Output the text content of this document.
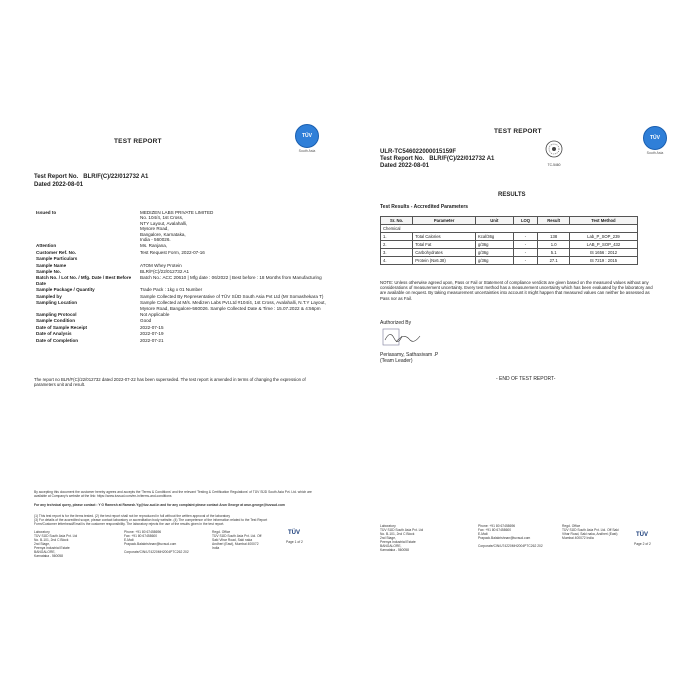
TEST REPORT
TÜV
South Asia
Test Report No. BLR/F(C)/22/012732 A1
Dated 2022-08-01
Issued to	MEDIZEN LABS PRIVATE LIMITED
No. 104/4, 1st Cross,
NTY Layout, Avalahalli,
Mysore Road,
Bangalore, Karnataka,
India - 560026.
Attention	Ms. Ranjana,
Customer Ref. No.	Test Request Form, 2022-07-16
Sample Particulars
Sample Name	ATOM Whey Protein
Sample No.	BLR/F(C)/22/012732 A1
Batch No. / Lot No. / Mfg. Date / Best Before Date
Batch No.: ACC 20610 | Mfg date : 06/2022 | Best before : 18 Months from Manufacturing
Sample Package / Quantity	Trade Pack : 1kg x 01 Number
Sampled by	Sample Collected By Representative of TÜV SÜD South Asia Pvt Ltd (Mr Somashekara T)
Sampling Location	Sample Collected at M/s. Medizen Labs Pvt.Ltd #104/4, 1st Cross, Avalahalli, N.T.Y Layout, Mysore Road, Bangalore-560026. Sample Collected Date & Time : 15.07.2022 & 4:56pm
Sampling Protocol	Not Applicable
Sample Condition	Good
Date of Sample Receipt	2022-07-15
Date of Analysis	2022-07-19
Date of Completion	2022-07-21
The report no BLR/F(C)/22/012732 dated 2022-07-22 has been superseded. The test report is amended in terms of changing the expression of parameters unit and result.
By accepting this document the customer hereby agrees and accepts the 'Terms & Conditions' and the relevant 'Testing & Certification Regulations' of TÜV SÜD South Asia Pvt. Ltd. which are available at Company's website at the link: https://www.tuvsud.com/en-in/terms-and-conditions
For any technical query, please contact : Y G Ramesh at Ramesh.Yg@tuv-sud.in and for any complaint please contact Arun George at arun.george@tuvsud.com
(1) This test report is for the items tested. (2) the test report shall not be reproduced in full without the written approval of the laboratory
(3) For details of the accredited scope, please contact laboratory or accreditation body website. (4) The competence of the information related to the Test Report
Form/Customer letterhead/Email is the customer responsibility. The laboratory rejects the use of the results given in the test report.
Laboratory
TÜV SÜD South Asia Pvt. Ltd
No. B-101, 2nd C Block
2nd Stage,
Peenya Industrial Estate
BANGALORE,
Karnataka - 560058
Phone: +91 80 67458696
Fax: +91 80 67458600
E-Mail:
Prapack.Balakrishnan@tuvsud.com
Regd. Office
TÜV SÜD South Asia Pvt. Ltd. Off
Saki Vihar Road, Saki naka
Andheri (East), Mumbai 400072
India
Corporate/CIN/U74220MH2004PTC262 202
TÜV
Page 1 of 2
TEST REPORT
TÜV
South Asia
ULR-TC546022000015159F
Test Report No. BLR/F(C)/22/012732 A1
Dated 2022-08-01	TC-5460
RESULTS
Test Results - Accredited Parameters
Sr. No.	Parameter	Unit	LOQ	Result	Test Method
Chemical					
1.	Total Calories	Kcal/36g	-	138	Lab_P_SOP_239
2.	Total Fat	g/36g	-	1.0	LAB_P_SOP_432
3.	Carbohydrates	g/36g	-	5.1	IS 1656 : 2012
4.	Protein (Nx6.38)	g/36g	-	27.1	IS 7219 : 2015
NOTE: Unless otherwise agreed upon, Pass or Fail or Statement of compliance verdicts are given based on the measured values without any considerations of measurement uncertainty. Every test method has a measurement uncertainty which has been evaluated by the laboratory and are available on request. By taking measurement uncertainties into account it might happen that measured values can neither be assessed as Pass nor as Fail.
Authorized By
Periasamy, Sathasivam .P
(Team Leader)
- END OF TEST REPORT-
Laboratory
TÜV SÜD South Asia Pvt. Ltd
No. B-101, 2nd C Block
2nd Stage,
Peenya Industrial Estate
BANGALORE,
Karnataka - 560058
Phone: +91 80 67458696
Fax: +91 80 67458600
E-Mail:
Prapack.Balakrishnan@tuvsud.com
Regd. Office
TÜV SÜD South Asia Pvt. Ltd. Off Saki
Vihar Road, Saki naka, Andheri (East)
Mumbai 400072 India
Corporate/CIN/U74220MH2004PTC262 202
TÜV
Page 2 of 2
